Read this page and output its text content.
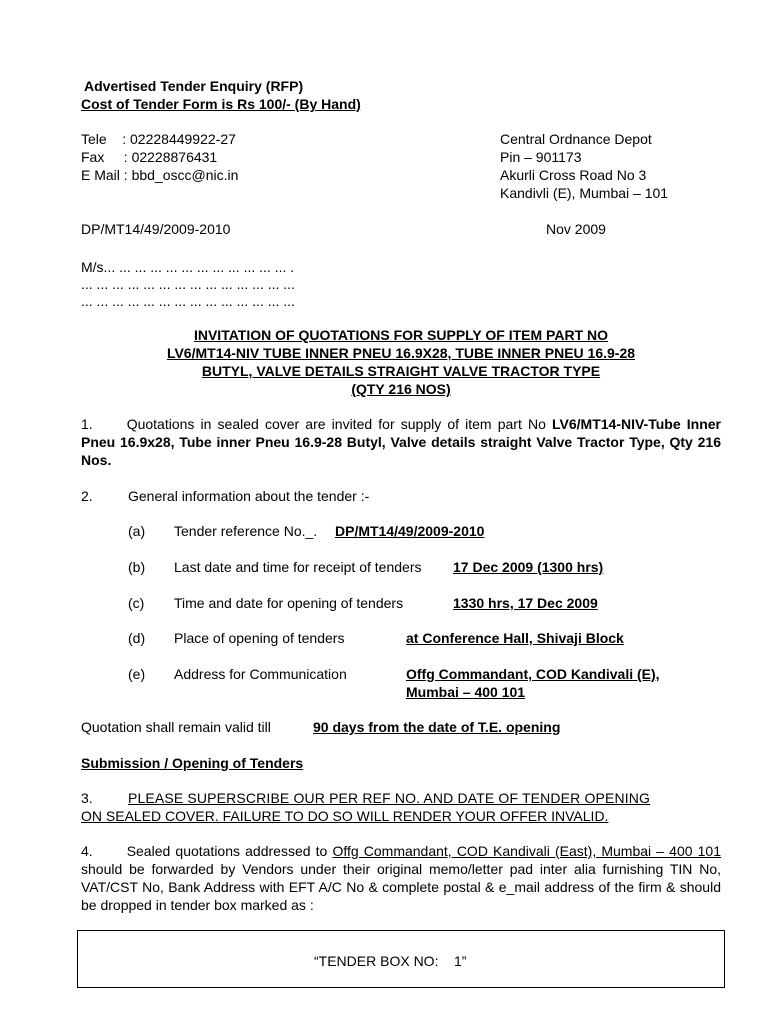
Advertised Tender Enquiry (RFP)
Cost of Tender Form is Rs 100/- (By Hand)
Tele    : 02228449922-27
Fax     : 02228876431
E Mail : bbd_oscc@nic.in
Central Ordnance Depot
Pin – 901173
Akurli Cross Road No 3
Kandivli (E), Mumbai – 101
DP/MT14/49/2009-2010	Nov 2009
M/s... ... ... ... ... ... ... ... ... ... ... ... .
... ... ... ... ... ... ... ... ... ... ... ... ... ...
... ... ... ... ... ... ... ... ... ... ... ... ... ...
INVITATION OF QUOTATIONS FOR SUPPLY OF ITEM PART NO
LV6/MT14-NIV TUBE INNER PNEU 16.9X28, TUBE INNER PNEU 16.9-28
BUTYL, VALVE DETAILS STRAIGHT VALVE TRACTOR TYPE
(QTY 216 NOS)
1. Quotations in sealed cover are invited for supply of item part No LV6/MT14-NIV-Tube Inner Pneu 16.9x28, Tube inner Pneu 16.9-28 Butyl, Valve details straight Valve Tractor Type, Qty 216 Nos.
2.	General information about the tender :-
(a) Tender reference No._. DP/MT14/49/2009-2010
(b) Last date and time for receipt of tenders 17 Dec 2009 (1300 hrs)
(c) Time and date for opening of tenders	1330 hrs, 17 Dec 2009
(d) Place of opening of tenders	at Conference Hall, Shivaji Block
(e) Address for Communication	Offg Commandant, COD Kandivali (E),
Mumbai – 400 101
Quotation shall remain valid till	90 days from the date of T.E. opening
Submission / Opening of Tenders
3.	PLEASE SUPERSCRIBE OUR PER REF NO. AND DATE OF TENDER OPENING
ON SEALED COVER. FAILURE TO DO SO WILL RENDER YOUR OFFER INVALID.
4. Sealed quotations addressed to Offg Commandant, COD Kandivali (East), Mumbai – 400 101 should be forwarded by Vendors under their original memo/letter pad inter alia furnishing TIN No, VAT/CST No, Bank Address with EFT A/C No & complete postal & e_mail address of the firm & should be dropped in tender box marked as :
“TENDER BOX NO:    1”
